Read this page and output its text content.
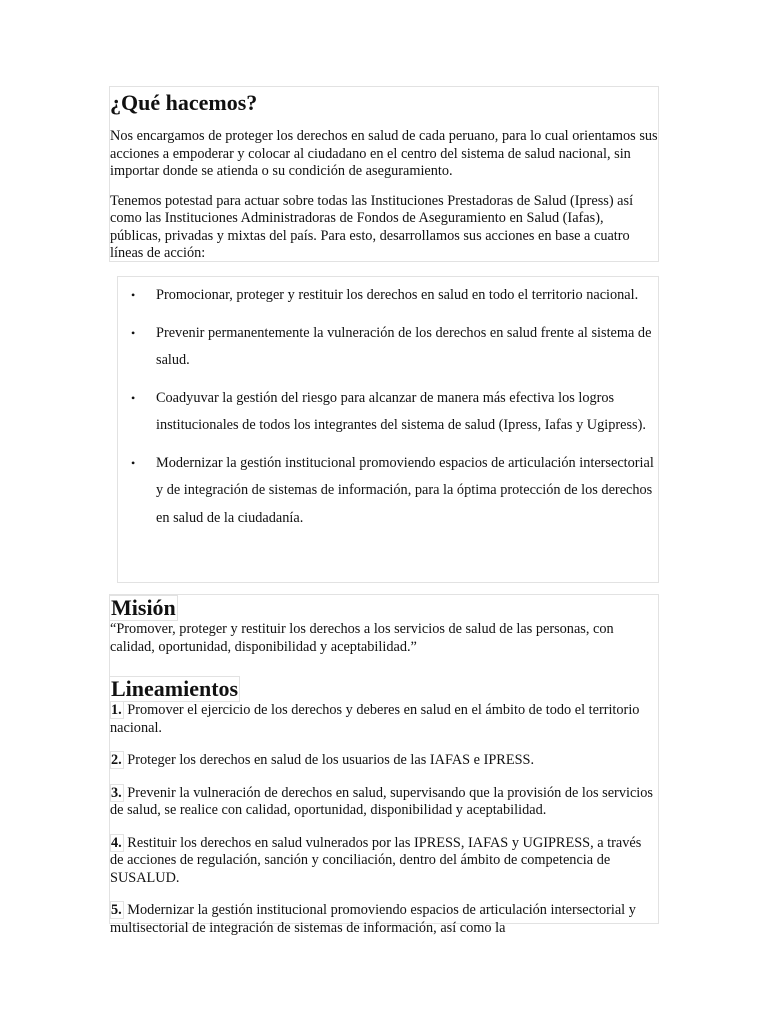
¿Qué hacemos?

Nos encargamos de proteger los derechos en salud de cada peruano, para lo cual orientamos sus acciones a empoderar y colocar al ciudadano en el centro del sistema de salud nacional, sin importar donde se atienda o su condición de aseguramiento.

Tenemos potestad para actuar sobre todas las Instituciones Prestadoras de Salud (Ipress) así como las Instituciones Administradoras de Fondos de Aseguramiento en Salud (Iafas), públicas, privadas y mixtas del país. Para esto, desarrollamos sus acciones en base a cuatro líneas de acción:

• Promocionar, proteger y restituir los derechos en salud en todo el territorio nacional.
• Prevenir permanentemente la vulneración de los derechos en salud frente al sistema de salud.
• Coadyuvar la gestión del riesgo para alcanzar de manera más efectiva los logros institucionales de todos los integrantes del sistema de salud (Ipress, Iafas y Ugipress).
• Modernizar la gestión institucional promoviendo espacios de articulación intersectorial y de integración de sistemas de información, para la óptima protección de los derechos en salud de la ciudadanía.
Misión

“Promover, proteger y restituir los derechos a los servicios de salud de las personas, con calidad, oportunidad, disponibilidad y aceptabilidad.”

Lineamientos

1. Promover el ejercicio de los derechos y deberes en salud en el ámbito de todo el territorio nacional.

2. Proteger los derechos en salud de los usuarios de las IAFAS e IPRESS.

3. Prevenir la vulneración de derechos en salud, supervisando que la provisión de los servicios de salud, se realice con calidad, oportunidad, disponibilidad y aceptabilidad.

4. Restituir los derechos en salud vulnerados por las IPRESS, IAFAS y UGIPRESS, a través de acciones de regulación, sanción y conciliación, dentro del ámbito de competencia de SUSALUD.

5. Modernizar la gestión institucional promoviendo espacios de articulación intersectorial y multisectorial de integración de sistemas de información, así como la
